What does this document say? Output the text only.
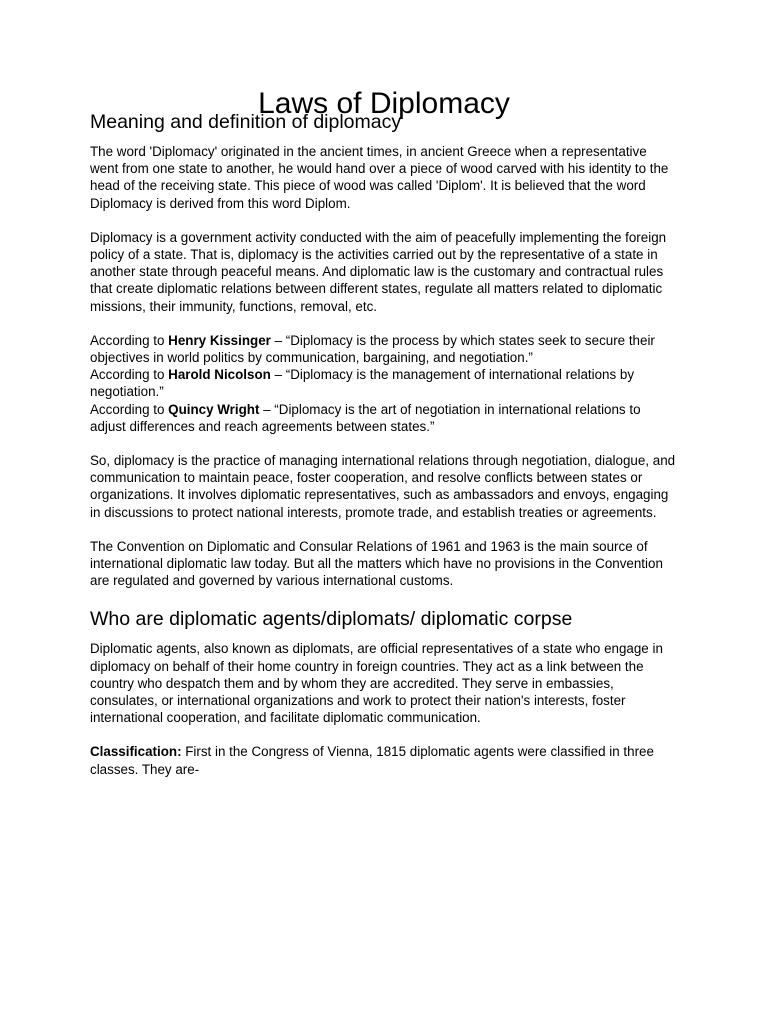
Laws of Diplomacy
Meaning and definition of diplomacy

The word 'Diplomacy' originated in the ancient times, in ancient Greece when a representative went from one state to another, he would hand over a piece of wood carved with his identity to the head of the receiving state. This piece of wood was called 'Diplom'. It is believed that the word Diplomacy is derived from this word Diplom.

Diplomacy is a government activity conducted with the aim of peacefully implementing the foreign policy of a state. That is, diplomacy is the activities carried out by the representative of a state in another state through peaceful means. And diplomatic law is the customary and contractual rules that create diplomatic relations between different states, regulate all matters related to diplomatic missions, their immunity, functions, removal, etc.

According to Henry Kissinger – “Diplomacy is the process by which states seek to secure their objectives in world politics by communication, bargaining, and negotiation.”
According to Harold Nicolson – “Diplomacy is the management of international relations by negotiation.”
According to Quincy Wright – “Diplomacy is the art of negotiation in international relations to adjust differences and reach agreements between states.”

So, diplomacy is the practice of managing international relations through negotiation, dialogue, and communication to maintain peace, foster cooperation, and resolve conflicts between states or organizations. It involves diplomatic representatives, such as ambassadors and envoys, engaging in discussions to protect national interests, promote trade, and establish treaties or agreements.

The Convention on Diplomatic and Consular Relations of 1961 and 1963 is the main source of international diplomatic law today. But all the matters which have no provisions in the Convention are regulated and governed by various international customs.

Who are diplomatic agents/diplomats/ diplomatic corpse

Diplomatic agents, also known as diplomats, are official representatives of a state who engage in diplomacy on behalf of their home country in foreign countries. They act as a link between the country who despatch them and by whom they are accredited. They serve in embassies, consulates, or international organizations and work to protect their nation's interests, foster international cooperation, and facilitate diplomatic communication.

Classification: First in the Congress of Vienna, 1815 diplomatic agents were classified in three classes. They are-
